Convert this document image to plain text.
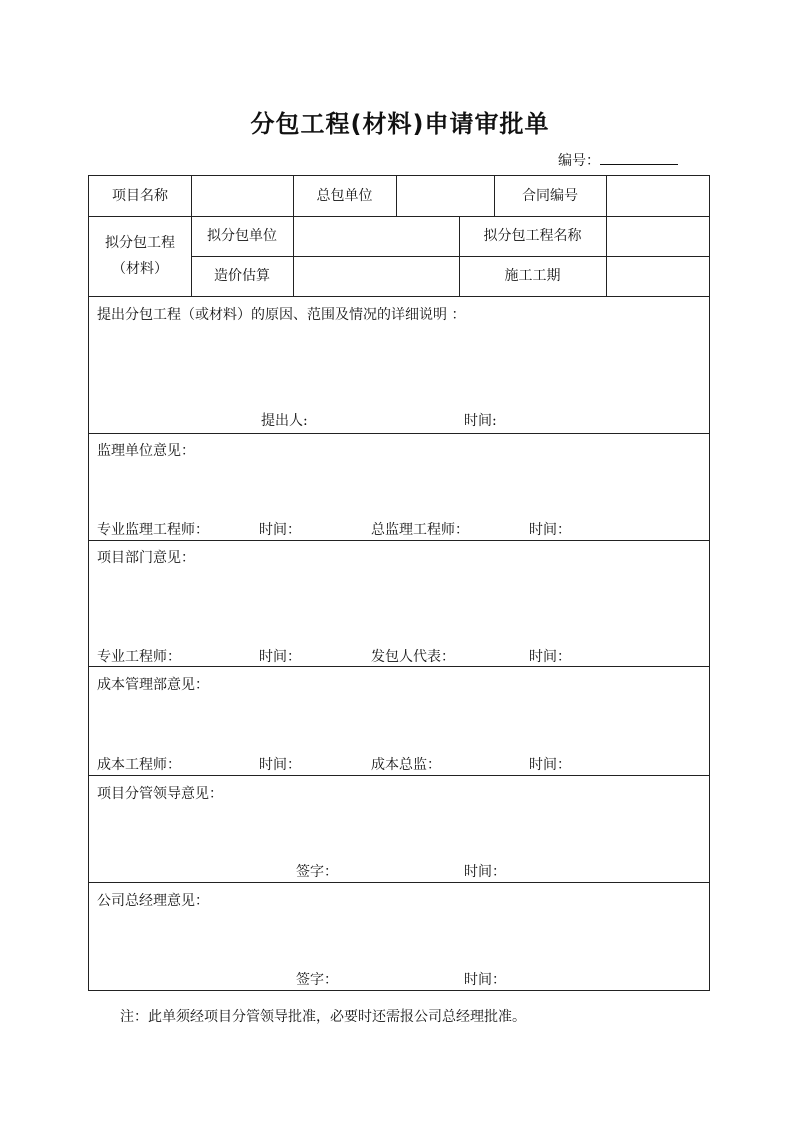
分包工程(材料)申请审批单
编号：
项目名称	总包单位	合同编号
拟分包工程
（材料）
拟分包单位	拟分包工程名称
造价估算	施工工期
提出分包工程（或材料）的原因、范围及情况的详细说明 ：
提出人:	时间:
监理单位意见：
专业监理工程师：	时间：	总监理工程师：	时间：
项目部门意见：
专业工程师：	时间：	发包人代表：	时间：
成本管理部意见：
成本工程师：	时间：	成本总监：	时间：
项目分管领导意见：
签字：	时间：
公司总经理意见：
签字：	时间：
注：此单须经项目分管领导批准，必要时还需报公司总经理批准。
